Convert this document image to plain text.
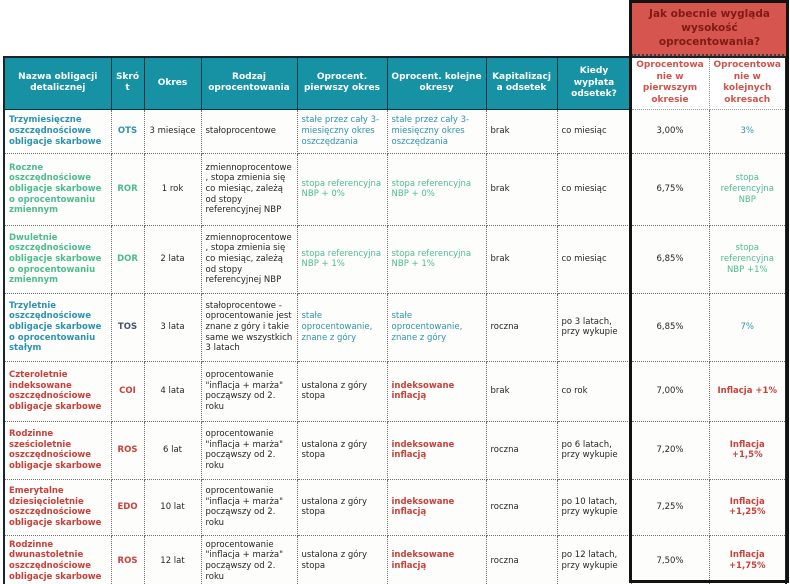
Jak obecnie wygląda wysokość oprocentowania?
Nazwa obligacji detalicznej	Skrót	Okres	Rodzaj oprocentowania	Oprocent. pierwszy okres	Oprocent. kolejne okresy	Kapitalizacja odsetek	Kiedy wypłata odsetek?	Oprocentowanie w pierwszym okresie	Oprocentowanie w kolejnych okresach
Trzymiesięczne oszczędnościowe obligacje skarbowe	OTS	3 miesiące	stałoprocentowe	stałe przez cały 3-miesięczny okres oszczędzania	stałe przez cały 3-miesięczny okres oszczędzania	brak	co miesiąc	3,00%	3%
Roczne oszczędnościowe obligacje skarbowe o oprocentowaniu zmiennym	ROR	1 rok	zmiennoprocentowe, stopa zmienia się co miesiąc, zależą od stopy referencyjnej NBP	stopa referencyjna NBP + 0%	stopa referencyjna NBP + 0%	brak	co miesiąc	6,75%	stopa referencyjna NBP
Dwuletnie oszczędnościowe obligacje skarbowe o oprocentowaniu zmiennym	DOR	2 lata	zmiennoprocentowe, stopa zmienia się co miesiąc, zależą od stopy referencyjnej NBP	stopa referencyjna NBP + 1%	stopa referencyjna NBP + 1%	brak	co miesiąc	6,85%	stopa referencyjna NBP +1%
Trzyletnie oszczędnościowe obligacje skarbowe o oprocentowaniu stałym	TOS	3 lata	stałoprocentowe - oprocentowanie jest znane z góry i takie same we wszystkich 3 latach	stałe oprocentowanie, znane z góry	stałe oprocentowanie, znane z góry	roczna	po 3 latach, przy wykupie	6,85%	7%
Czteroletnie indeksowane oszczędnościowe obligacje skarbowe	COI	4 lata	oprocentowanie "inflacja + marża" począwszy od 2. roku	ustalona z góry stopa	indeksowane inflacją	brak	co rok	7,00%	Inflacja +1%
Rodzinne sześcioletnie oszczędnościowe obligacje skarbowe	ROS	6 lat	oprocentowanie "inflacja + marża" począwszy od 2. roku	ustalona z góry stopa	indeksowane inflacją	roczna	po 6 latach, przy wykupie	7,20%	Inflacja +1,5%
Emerytalne dziesięcioletnie oszczędnościowe obligacje skarbowe	EDO	10 lat	oprocentowanie "inflacja + marża" począwszy od 2. roku	ustalona z góry stopa	indeksowane inflacją	roczna	po 10 latach, przy wykupie	7,25%	Inflacja +1,25%
Rodzinne dwunastoletnie oszczędnościowe obligacje skarbowe	ROS	12 lat	oprocentowanie "inflacja + marża" począwszy od 2. roku	ustalona z góry stopa	indeksowane inflacją	roczna	po 12 latach, przy wykupie	7,50%	Inflacja +1,75%
